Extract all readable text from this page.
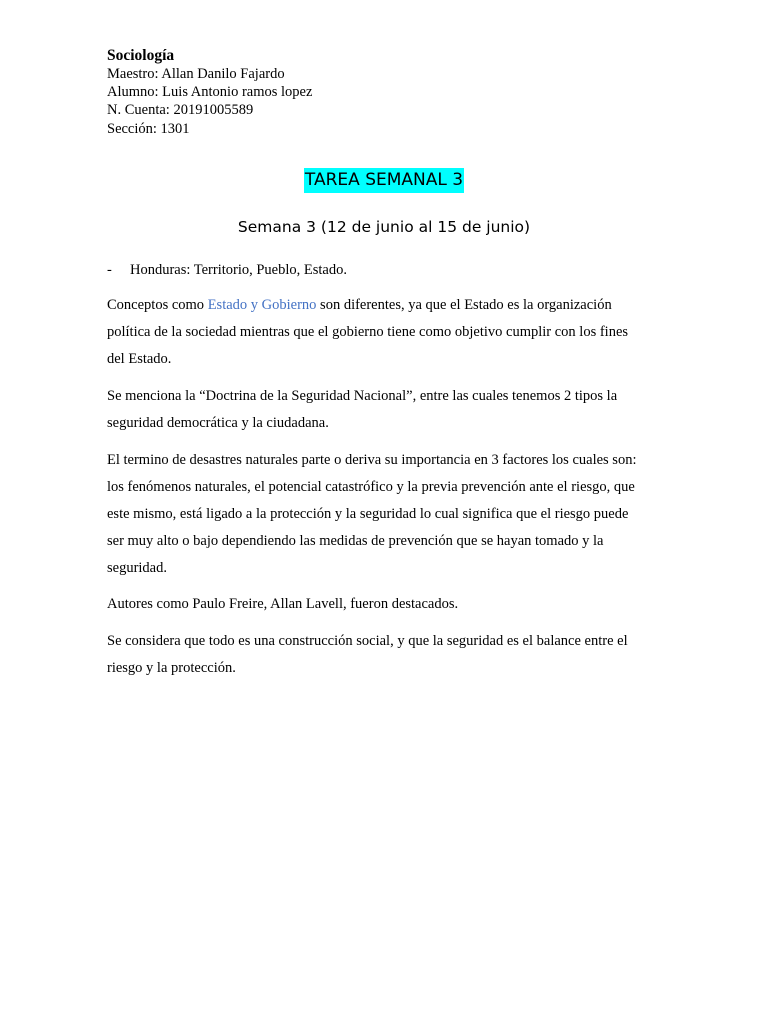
Sociología
Maestro: Allan Danilo Fajardo
Alumno: Luis Antonio ramos lopez
N. Cuenta: 20191005589
Sección: 1301
TAREA SEMANAL 3
Semana 3 (12 de junio al 15 de junio)
- Honduras: Territorio, Pueblo, Estado.

Conceptos como Estado y Gobierno son diferentes, ya que el Estado es la organización
política de la sociedad mientras que el gobierno tiene como objetivo cumplir con los fines
del Estado.

Se menciona la “Doctrina de la Seguridad Nacional”, entre las cuales tenemos 2 tipos la
seguridad democrática y la ciudadana.

El termino de desastres naturales parte o deriva su importancia en 3 factores los cuales son:
los fenómenos naturales, el potencial catastrófico y la previa prevención ante el riesgo, que
este mismo, está ligado a la protección y la seguridad lo cual significa que el riesgo puede
ser muy alto o bajo dependiendo las medidas de prevención que se hayan tomado y la
seguridad.

Autores como Paulo Freire, Allan Lavell, fueron destacados.

Se considera que todo es una construcción social, y que la seguridad es el balance entre el
riesgo y la protección.
